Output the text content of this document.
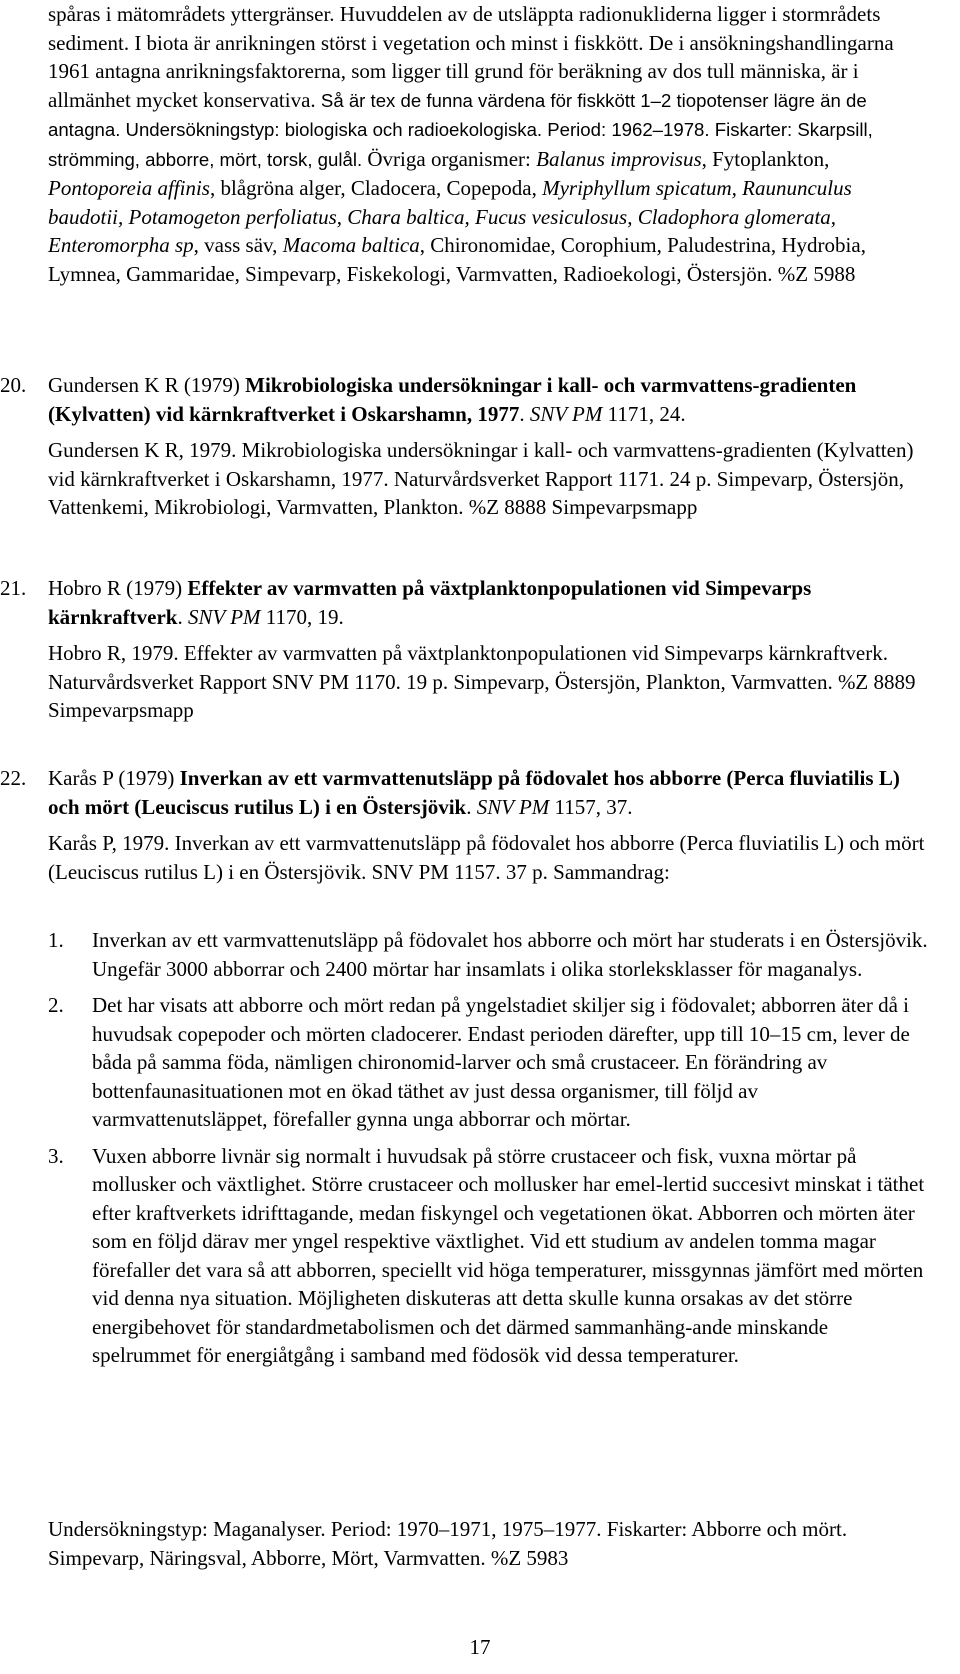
spåras i mätområdets yttergränser. Huvuddelen av de utsläppta radionukliderna ligger i stormrådets sediment. I biota är anrikningen störst i vegetation och minst i fiskkött. De i ansökningshandlingarna 1961 antagna anrikningsfaktorerna, som ligger till grund för beräkning av dos tull människa, är i allmänhet mycket konservativa. Så är tex de funna värdena för fiskkött 1–2 tiopotenser lägre än de antagna. Undersökningstyp: biologiska och radioekologiska. Period: 1962–1978. Fiskarter: Skarpsill, strömming, abborre, mört, torsk, gulål. Övriga organismer: Balanus improvisus, Fytoplankton, Pontoporeia affinis, blågröna alger, Cladocera, Copepoda, Myriphyllum spicatum, Raununculus baudotii, Potamogeton perfoliatus, Chara baltica, Fucus vesiculosus, Cladophora glomerata, Enteromorpha sp, vass säv, Macoma baltica, Chironomidae, Corophium, Paludestrina, Hydrobia, Lymnea, Gammaridae, Simpevarp, Fiskekologi, Varmvatten, Radioekologi, Östersjön. %Z 5988

20.	Gundersen K R (1979) Mikrobiologiska undersökningar i kall- och varmvattens-gradienten (Kylvatten) vid kärnkraftverket i Oskarshamn, 1977. SNV PM 1171, 24.

Gundersen K R, 1979. Mikrobiologiska undersökningar i kall- och varmvattens-gradienten (Kylvatten) vid kärnkraftverket i Oskarshamn, 1977. Naturvårdsverket Rapport 1171. 24 p. Simpevarp, Östersjön, Vattenkemi, Mikrobiologi, Varmvatten, Plankton. %Z 8888 Simpevarpsmapp

21.	Hobro R (1979) Effekter av varmvatten på växtplanktonpopulationen vid Simpevarps kärnkraftverk. SNV PM 1170, 19.

Hobro R, 1979. Effekter av varmvatten på växtplanktonpopulationen vid Simpevarps kärnkraftverk. Naturvårdsverket Rapport SNV PM 1170. 19 p. Simpevarp, Östersjön, Plankton, Varmvatten. %Z 8889 Simpevarpsmapp

22.	Karås P (1979) Inverkan av ett varmvattenutsläpp på födovalet hos abborre (Perca fluviatilis L) och mört (Leuciscus rutilus L) i en Östersjövik. SNV PM 1157, 37.

Karås P, 1979. Inverkan av ett varmvattenutsläpp på födovalet hos abborre (Perca fluviatilis L) och mört (Leuciscus rutilus L) i en Östersjövik. SNV PM 1157. 37 p. Sammandrag:

1.	Inverkan av ett varmvattenutsläpp på födovalet hos abborre och mört har studerats i en Östersjövik. Ungefär 3000 abborrar och 2400 mörtar har insamlats i olika storleksklasser för maganalys.
2.	Det har visats att abborre och mört redan på yngelstadiet skiljer sig i födovalet; abborren äter då i huvudsak copepoder och mörten cladocerer. Endast perioden därefter, upp till 10–15 cm, lever de båda på samma föda, nämligen chironomid-larver och små crustaceer. En förändring av bottenfaunasituationen mot en ökad täthet av just dessa organismer, till följd av varmvattenutsläppet, förefaller gynna unga abborrar och mörtar.
3.	Vuxen abborre livnär sig normalt i huvudsak på större crustaceer och fisk, vuxna mörtar på mollusker och växtlighet. Större crustaceer och mollusker har emel-lertid succesivt minskat i täthet efter kraftverkets idrifttagande, medan fiskyngel och vegetationen ökat. Abborren och mörten äter som en följd därav mer yngel respektive växtlighet. Vid ett studium av andelen tomma magar förefaller det vara så att abborren, speciellt vid höga temperaturer, missgynnas jämfört med mörten vid denna nya situation. Möjligheten diskuteras att detta skulle kunna orsakas av det större energibehovet för standardmetabolismen och det därmed sammanhäng-ande minskande spelrummet för energiåtgång i samband med födosök vid dessa temperaturer.

Undersökningstyp: Maganalyser. Period: 1970–1971, 1975–1977. Fiskarter: Abborre och mört. Simpevarp, Näringsval, Abborre, Mört, Varmvatten. %Z 5983

17
